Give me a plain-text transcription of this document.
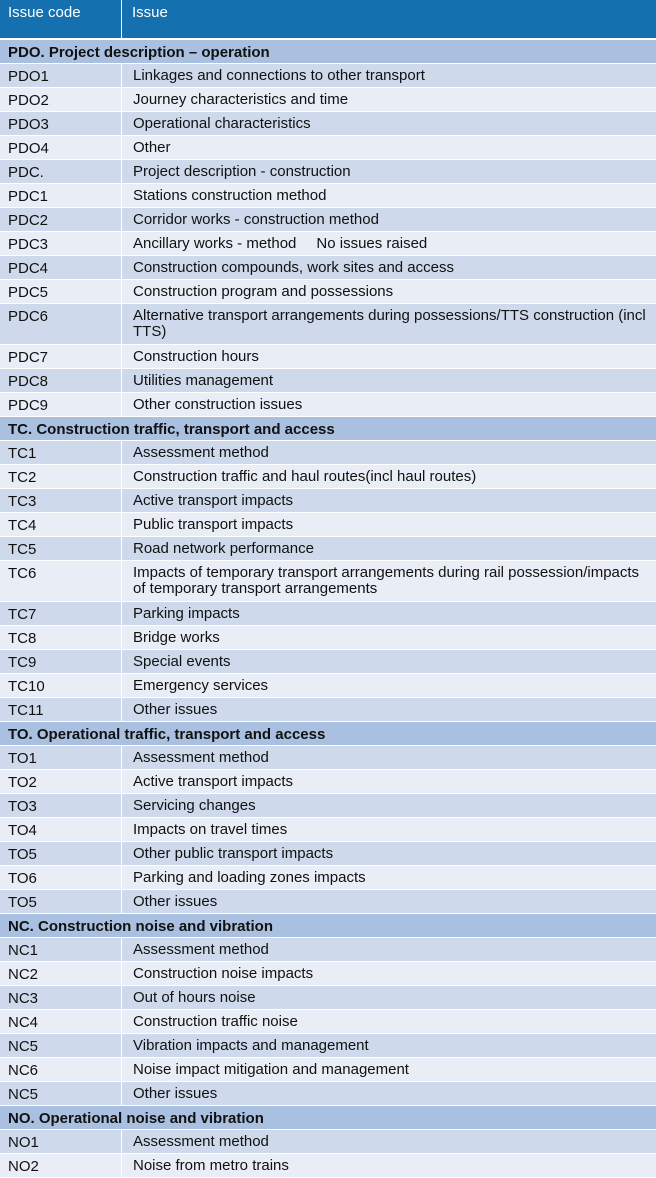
Issue code	Issue
PDO. Project description – operation
PDO1	Linkages and connections to other transport
PDO2	Journey characteristics and time
PDO3	Operational characteristics
PDO4	Other
PDC.	Project description - construction
PDC1	Stations construction method
PDC2	Corridor works - construction method
PDC3	Ancillary works - method No issues raised
PDC4	Construction compounds, work sites and access
PDC5	Construction program and possessions
PDC6	Alternative transport arrangements during possessions/TTS construction (incl TTS)
PDC7	Construction hours
PDC8	Utilities management
PDC9	Other construction issues
TC. Construction traffic, transport and access
TC1	Assessment method
TC2	Construction traffic and haul routes(incl haul routes)
TC3	Active transport impacts
TC4	Public transport impacts
TC5	Road network performance
TC6	Impacts of temporary transport arrangements during rail possession/impacts of temporary transport arrangements
TC7	Parking impacts
TC8	Bridge works
TC9	Special events
TC10	Emergency services
TC11	Other issues
TO. Operational traffic, transport and access
TO1	Assessment method
TO2	Active transport impacts
TO3	Servicing changes
TO4	Impacts on travel times
TO5	Other public transport impacts
TO6	Parking and loading zones impacts
TO5	Other issues
NC. Construction noise and vibration
NC1	Assessment method
NC2	Construction noise impacts
NC3	Out of hours noise
NC4	Construction traffic noise
NC5	Vibration impacts and management
NC6	Noise impact mitigation and management
NC5	Other issues
NO. Operational noise and vibration
NO1	Assessment method
NO2	Noise from metro trains
